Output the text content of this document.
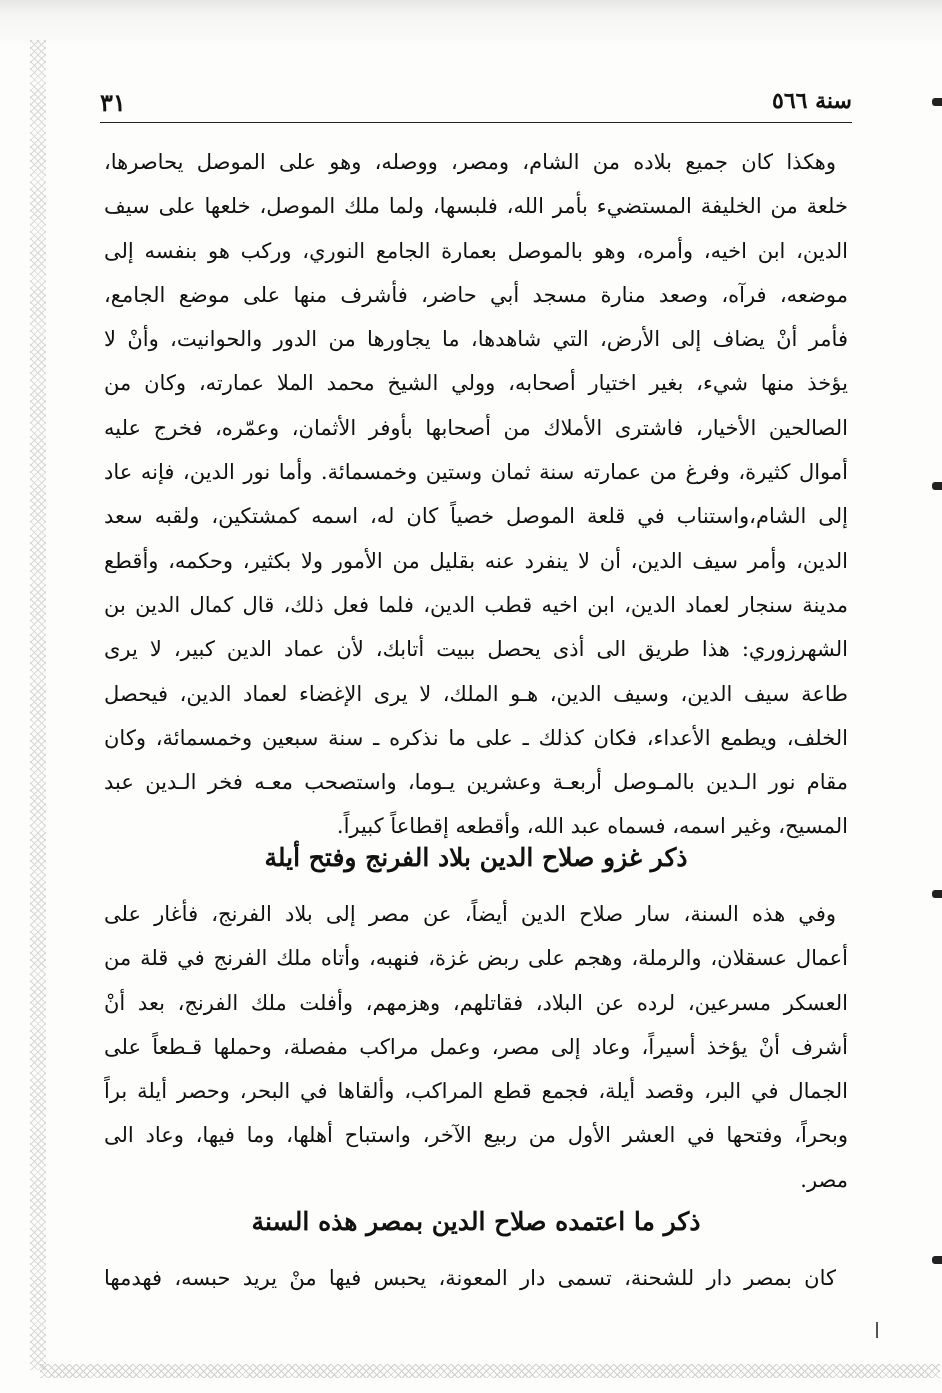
٣١	سنة ٥٦٦
وهكذا كان جميع بلاده من الشام، ومصر، ووصله، وهو على الموصل يحاصرها،
خلعة من الخليفة المستضيء بأمر الله، فلبسها، ولما ملك الموصل، خلعها على سيف
الدين، ابن اخيه، وأمره، وهو بالموصل بعمارة الجامع النوري، وركب هو بنفسه إلى
موضعه، فرآه، وصعد منارة مسجد أبي حاضر، فأشرف منها على موضع الجامع،
فأمر أنْ يضاف إلى الأرض، التي شاهدها، ما يجاورها من الدور والحوانيت، وأنْ لا
يؤخذ منها شيء، بغير اختيار أصحابه، وولي الشيخ محمد الملا عمارته، وكان من
الصالحين الأخيار، فاشترى الأملاك من أصحابها بأوفر الأثمان، وعمّره، فخرج عليه
أموال كثيرة، وفرغ من عمارته سنة ثمان وستين وخمسمائة. وأما نور الدين، فإنه عاد
إلى الشام،واستناب في قلعة الموصل خصياً كان له، اسمه كمشتكين، ولقبه سعد
الدين، وأمر سيف الدين، أن لا ينفرد عنه بقليل من الأمور ولا بكثير، وحكمه، وأقطع
مدينة سنجار لعماد الدين، ابن اخيه قطب الدين، فلما فعل ذلك، قال كمال الدين بن
الشهرزوري: هذا طريق الى أذى يحصل ببيت أتابك، لأن عماد الدين كبير، لا يرى
طاعة سيف الدين، وسيف الدين، هـو الملك، لا يرى الإغضاء لعماد الدين، فيحصل
الخلف، ويطمع الأعداء، فكان كذلك ـ على ما نذكره ـ سنة سبعين وخمسمائة، وكان
مقام نور الـدين بالمـوصل أربعـة وعشرين يـوما، واستصحب معـه فخر الـدين عبد
المسيح، وغير اسمه، فسماه عبد الله، وأقطعه إقطاعاً كبيراً.
ذكر غزو صلاح الدين بلاد الفرنج وفتح أيلة
وفي هذه السنة، سار صلاح الدين أيضاً، عن مصر إلى بلاد الفرنج، فأغار على
أعمال عسقلان، والرملة، وهجم على ربض غزة، فنهبه، وأتاه ملك الفرنج في قلة من
العسكر مسرعين، لرده عن البلاد، فقاتلهم، وهزمهم، وأفلت ملك الفرنج، بعد أنْ
أشرف أنْ يؤخذ أسيراً، وعاد إلى مصر، وعمل مراكب مفصلة، وحملها قـطعاً على
الجمال في البر، وقصد أيلة، فجمع قطع المراكب، وألقاها في البحر، وحصر أيلة براً
وبحراً، وفتحها في العشر الأول من ربيع الآخر، واستباح أهلها، وما فيها، وعاد الى
مصر.
ذكر ما اعتمده صلاح الدين بمصر هذه السنة
كان بمصر دار للشحنة، تسمى دار المعونة، يحبس فيها منْ يريد حبسه، فهدمها
